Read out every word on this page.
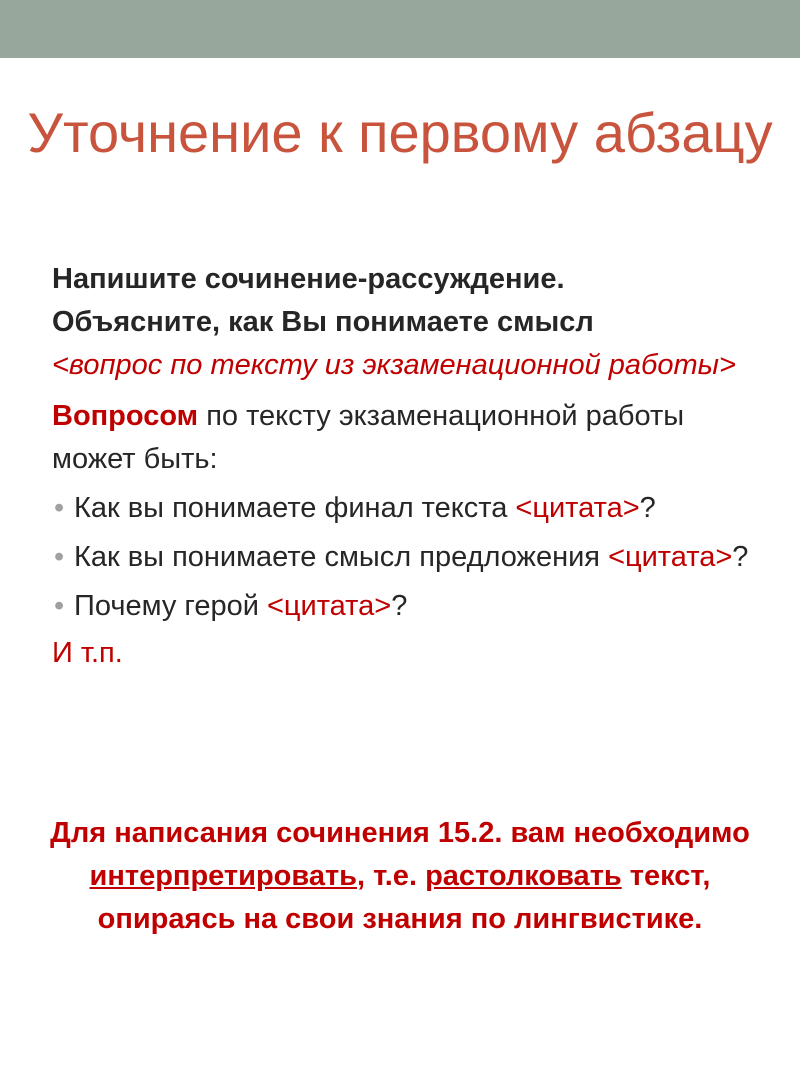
Уточнение к первому абзацу

Напишите сочинение-рассуждение.

Объясните, как Вы понимаете смысл

<вопрос по тексту из экзаменационной работы>

Вопросом по тексту экзаменационной работы может быть:

• Как вы понимаете финал текста <цитата>?
• Как вы понимаете смысл предложения <цитата>?
• Почему герой <цитата>?

И т.п.

Для написания сочинения 15.2. вам необходимо интерпретировать, т.е. растолковать текст, опираясь на свои знания по лингвистике.
